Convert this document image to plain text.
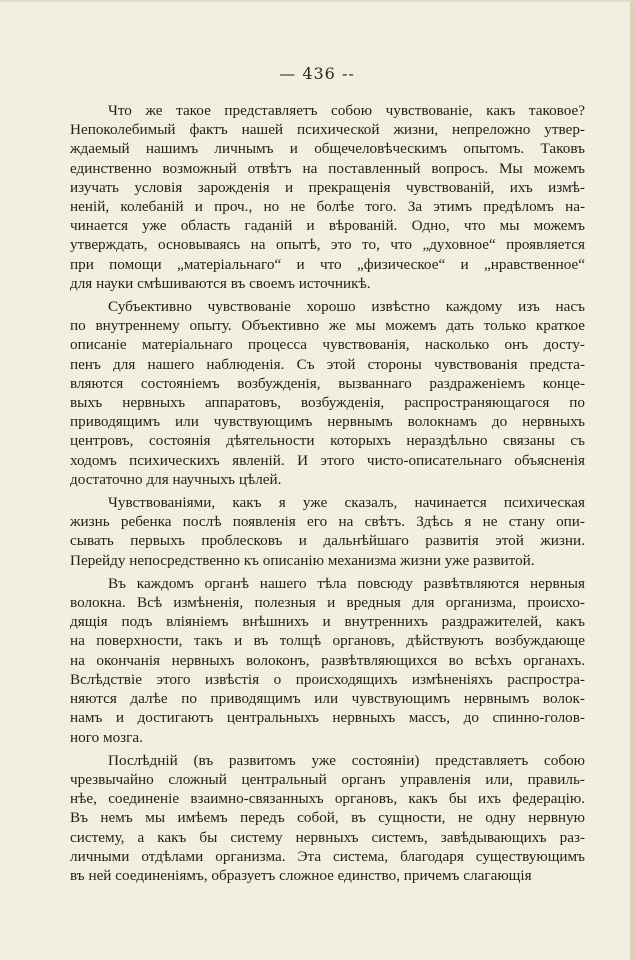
— 436 --
Что же такое представляетъ собою чувствованіе, какъ таковое?
Непоколебимый фактъ нашей психической жизни, непреложно утвер-
ждаемый нашимъ личнымъ и общечеловѣческимъ опытомъ. Таковъ
единственно возможный отвѣтъ на поставленный вопросъ. Мы можемъ
изучать условія зарожденія и прекращенія чувствованій, ихъ измѣ-
неній, колебаній и проч., но не болѣе того. За этимъ предѣломъ на-
чинается уже область гаданій и вѣрованій. Одно, что мы можемъ
утверждать, основываясь на опытѣ, это то, что „духовное“ проявляется
при помощи „матеріальнаго“ и что „физическое“ и „нравственное“
для науки смѣшиваются въ своемъ источникѣ.
Субъективно чувствованіе хорошо извѣстно каждому изъ насъ
по внутреннему опыту. Объективно же мы можемъ дать только краткое
описаніе матеріальнаго процесса чувствованія, насколько онъ досту-
пенъ для нашего наблюденія. Съ этой стороны чувствованія предста-
вляются состояніемъ возбужденія, вызваннаго раздраженіемъ конце-
выхъ нервныхъ аппаратовъ, возбужденія, распространяющагося по
приводящимъ или чувствующимъ нервнымъ волокнамъ до нервныхъ
центровъ, состоянія дѣятельности которыхъ нераздѣльно связаны съ
ходомъ психическихъ явленій. И этого чисто-описательнаго объясненія
достаточно для научныхъ цѣлей.
Чувствованіями, какъ я уже сказалъ, начинается психическая
жизнь ребенка послѣ появленія его на свѣтъ. Здѣсь я не стану опи-
сывать первыхъ проблесковъ и дальнѣйшаго развитія этой жизни.
Перейду непосредственно къ описанію механизма жизни уже развитой.
Въ каждомъ органѣ нашего тѣла повсюду развѣтвляются нервныя
волокна. Всѣ измѣненія, полезныя и вредныя для организма, происхо-
дящія подъ вліяніемъ внѣшнихъ и внутреннихъ раздражителей, какъ
на поверхности, такъ и въ толщѣ органовъ, дѣйствуютъ возбуждающе
на окончанія нервныхъ волоконъ, развѣтвляющихся во всѣхъ органахъ.
Вслѣдствіе этого извѣстія о происходящихъ измѣненіяхъ распростра-
няются далѣе по приводящимъ или чувствующимъ нервнымъ волок-
намъ и достигаютъ центральныхъ нервныхъ массъ, до спинно-голов-
ного мозга.
Послѣдній (въ развитомъ уже состояніи) представляетъ собою
чрезвычайно сложный центральный органъ управленія или, правиль-
нѣе, соединеніе взаимно-связанныхъ органовъ, какъ бы ихъ федерацію.
Въ немъ мы имѣемъ передъ собой, въ сущности, не одну нервную
систему, а какъ бы систему нервныхъ системъ, завѣдывающихъ раз-
личными отдѣлами организма. Эта система, благодаря существующимъ
въ ней соединеніямъ, образуетъ сложное единство, причемъ слагающія
